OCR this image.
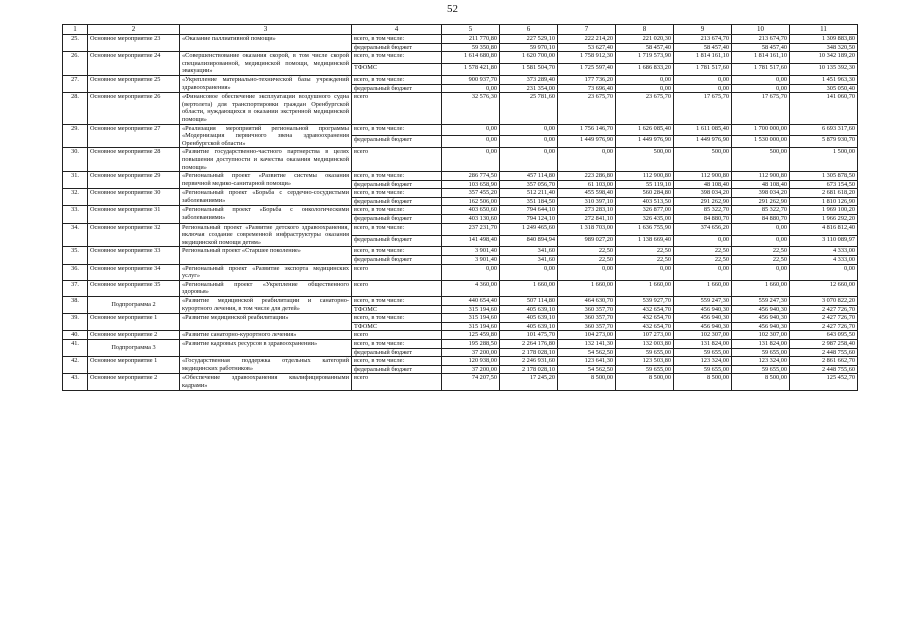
52
1	2	3	4	5	6	7	8	9	10	11
25.	Основное мероприятие 23	«Оказание паллиативной помощи»	всего, в том числе:	211 770,80	227 529,10	222 214,20	221 020,30	213 674,70	213 674,70	1 309 883,80
			федеральный бюджет	59 350,80	59 970,10	53 627,40	58 457,40	58 457,40	58 457,40	348 320,50
26.	Основное мероприятие 24	«Совершенствование оказания скорой, в том числе скорой специализированной, медицинской помощи, медицинской эвакуации»	всего, в том числе:	1 614 680,80	1 620 700,00	1 758 912,30	1 719 573,90	1 814 161,10	1 814 161,10	10 342 189,20
			ТФОМС	1 578 421,80	1 581 504,70	1 725 597,40	1 686 833,20	1 781 517,60	1 781 517,60	10 135 392,30
27.	Основное мероприятие 25	«Укрепление материально-технической базы учреждений здравоохранения»	всего, в том числе:	900 937,70	373 289,40	177 736,20	0,00	0,00	0,00	1 451 963,30
			федеральный бюджет	0,00	231 354,00	73 696,40	0,00	0,00	0,00	305 050,40
28.	Основное мероприятие 26	«Финансовое обеспечение эксплуатации воздушного судна (вертолета) для транспортировки граждан Оренбургской области, нуждающихся в оказании экстренной медицинской помощи»	всего	32 576,30	25 781,60	23 675,70	23 675,70	17 675,70	17 675,70	141 060,70
29.	Основное мероприятие 27	«Реализация мероприятий региональной программы «Модернизация первичного звена здравоохранения Оренбургской области»	всего, в том числе:	0,00	0,00	1 756 146,70	1 626 085,40	1 611 085,40	1 700 000,00	6 693 317,60
			федеральный бюджет	0,00	0,00	1 449 976,90	1 449 976,90	1 449 976,90	1 530 000,00	5 879 930,70
30.	Основное мероприятие 28	«Развитие государственно-частного партнерства в целях повышения доступности и качества оказания медицинской помощи»	всего	0,00	0,00	0,00	500,00	500,00	500,00	1 500,00
31.	Основное мероприятие 29	«Региональный проект «Развитие системы оказания первичной медико-санитарной помощи»	всего, в том числе:	286 774,50	457 114,80	223 286,80	112 900,80	112 900,80	112 900,80	1 305 878,50
			федеральный бюджет	103 658,90	357 056,70	61 103,00	55 119,10	48 108,40	48 108,40	673 154,50
32.	Основное мероприятие 30	«Региональный проект «Борьба с сердечно-сосудистыми заболеваниями»	всего, в том числе:	357 455,20	512 211,40	455 598,40	560 284,80	398 034,20	398 034,20	2 681 618,20
			федеральный бюджет	162 506,00	351 184,50	310 397,10	403 513,50	291 262,90	291 262,90	1 810 126,90
33.	Основное мероприятие 31	«Региональный проект «Борьба с онкологическими заболеваниями»	всего, в том числе:	403 650,60	794 644,10	273 283,10	326 877,00	85 322,70	85 322,70	1 969 100,20
			федеральный бюджет	403 130,60	794 124,10	272 841,10	326 435,00	84 880,70	84 880,70	1 966 292,20
34.	Основное мероприятие 32	Региональный проект «Развитие детского здравоохранения, включая создание современной инфраструктуры оказания медицинской помощи детям»	всего, в том числе:	237 231,70	1 249 465,60	1 318 703,00	1 636 755,90	374 656,20	0,00	4 816 812,40
			федеральный бюджет	141 498,40	840 894,94	989 027,20	1 138 669,40	0,00	0,00	3 110 089,97
35.	Основное мероприятие 33	Региональный проект «Старшее поколение»	всего, в том числе:	3 901,40	341,60	22,50	22,50	22,50	22,50	4 333,00
			федеральный бюджет	3 901,40	341,60	22,50	22,50	22,50	22,50	4 333,00
36.	Основное мероприятие 34	«Региональный проект «Развитие экспорта медицинских услуг»	всего	0,00	0,00	0,00	0,00	0,00	0,00	0,00
37.	Основное мероприятие 35	«Региональный проект «Укрепление общественного здоровья»	всего	4 360,00	1 660,00	1 660,00	1 660,00	1 660,00	1 660,00	12 660,00
38.	Подпрограмма 2	«Развитие медицинской реабилитации и санаторно-курортного лечения, в том числе для детей»	всего, в том числе:	440 654,40	507 114,80	464 630,70	539 927,70	559 247,30	559 247,30	3 070 822,20
			ТФОМС	315 194,60	405 639,10	360 357,70	432 654,70	456 940,30	456 940,30	2 427 726,70
39.	Основное мероприятие 1	«Развитие медицинской реабилитации»	всего, в том числе:	315 194,60	405 639,10	360 357,70	432 654,70	456 940,30	456 940,30	2 427 726,70
			ТФОМС	315 194,60	405 639,10	360 357,70	432 654,70	456 940,30	456 940,30	2 427 726,70
40.	Основное мероприятие 2	«Развитие санаторно-курортного лечения»	всего	125 459,80	101 475,70	104 273,00	107 273,00	102 307,00	102 307,00	643 095,50
41.	Подпрограмма 3	«Развитие кадровых ресурсов в здравоохранении»	всего, в том числе:	195 288,50	2 264 176,80	132 141,30	132 003,80	131 824,00	131 824,00	2 987 258,40
			федеральный бюджет	37 200,00	2 178 028,10	54 562,50	59 655,00	59 655,00	59 655,00	2 448 755,60
42.	Основное мероприятие 1	«Государственная поддержка отдельных категорий медицинских работников»	всего, в том числе:	120 938,00	2 246 931,60	123 641,30	123 503,80	123 324,00	123 324,00	2 861 662,70
			федеральный бюджет	37 200,00	2 178 028,10	54 562,50	59 655,00	59 655,00	59 655,00	2 448 755,60
43.	Основное мероприятие 2	«Обеспечение здравоохранения квалифицированными кадрами»	всего	74 207,50	17 245,20	8 500,00	8 500,00	8 500,00	8 500,00	125 452,70
